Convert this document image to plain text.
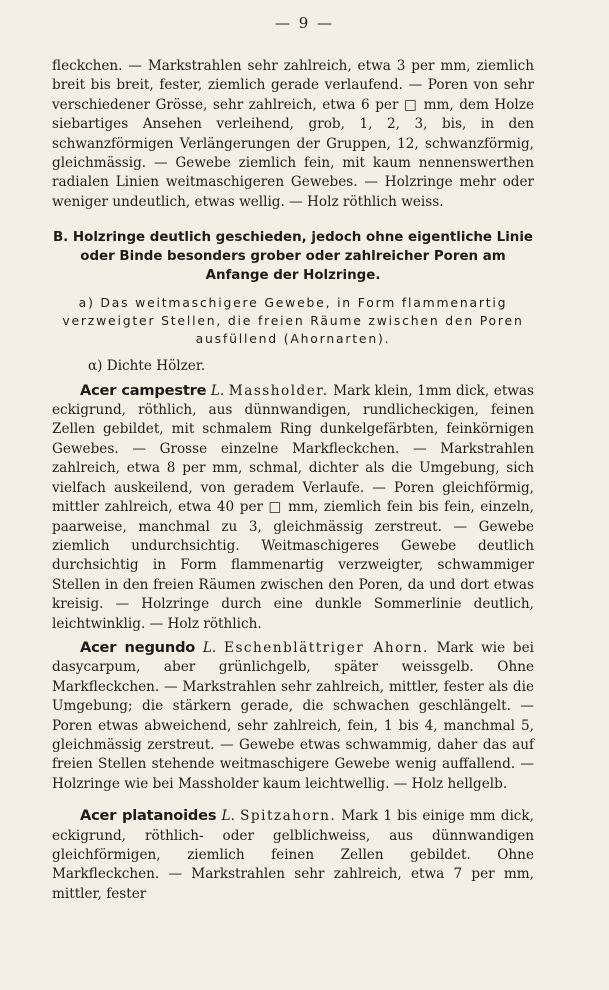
— 9 —

fleckchen. — Markstrahlen sehr zahlreich, etwa 3 per mm, ziemlich breit bis breit, fester, ziemlich gerade verlaufend. — Poren von sehr verschiedener Grösse, sehr zahlreich, etwa 6 per □ mm, dem Holze siebartiges Ansehen verleihend, grob, 1, 2, 3, bis, in den schwanzförmigen Verlängerungen der Gruppen, 12, schwanzförmig, gleichmässig. — Gewebe ziemlich fein, mit kaum nennenswerthen radialen Linien weitmaschigeren Gewebes. — Holzringe mehr oder weniger undeutlich, etwas wellig. — Holz röthlich weiss.

B. Holzringe deutlich geschieden, jedoch ohne eigentliche Linie oder Binde besonders grober oder zahlreicher Poren am Anfange der Holzringe.

a) Das weitmaschigere Gewebe, in Form flammenartig verzweigter Stellen, die freien Räume zwischen den Poren ausfüllend (Ahornarten).

α) Dichte Hölzer.

Acer campestre L. Massholder. Mark klein, 1mm dick, etwas eckigrund, röthlich, aus dünnwandigen, rundlicheckigen, feinen Zellen gebildet, mit schmalem Ring dunkelgefärbten, feinkörnigen Gewebes. — Grosse einzelne Markfleckchen. — Markstrahlen zahlreich, etwa 8 per mm, schmal, dichter als die Umgebung, sich vielfach auskeilend, von geradem Verlaufe. — Poren gleichförmig, mittler zahlreich, etwa 40 per □ mm, ziemlich fein bis fein, einzeln, paarweise, manchmal zu 3, gleichmässig zerstreut. — Gewebe ziemlich undurchsichtig. Weitmaschigeres Gewebe deutlich durchsichtig in Form flammenartig verzweigter, schwammiger Stellen in den freien Räumen zwischen den Poren, da und dort etwas kreisig. — Holzringe durch eine dunkle Sommerlinie deutlich, leichtwinklig. — Holz röthlich.

Acer negundo L. Eschenblättriger Ahorn. Mark wie bei dasycarpum, aber grünlichgelb, später weissgelb. Ohne Markfleckchen. — Markstrahlen sehr zahlreich, mittler, fester als die Umgebung; die stärkern gerade, die schwachen geschlängelt. — Poren etwas abweichend, sehr zahlreich, fein, 1 bis 4, manchmal 5, gleichmässig zerstreut. — Gewebe etwas schwammig, daher das auf freien Stellen stehende weitmaschigere Gewebe wenig auffallend. — Holzringe wie bei Massholder kaum leichtwellig. — Holz hellgelb.

Acer platanoides L. Spitzahorn. Mark 1 bis einige mm dick, eckigrund, röthlich- oder gelblichweiss, aus dünnwandigen gleichförmigen, ziemlich feinen Zellen gebildet. Ohne Markfleckchen. — Markstrahlen sehr zahlreich, etwa 7 per mm, mittler, fester
